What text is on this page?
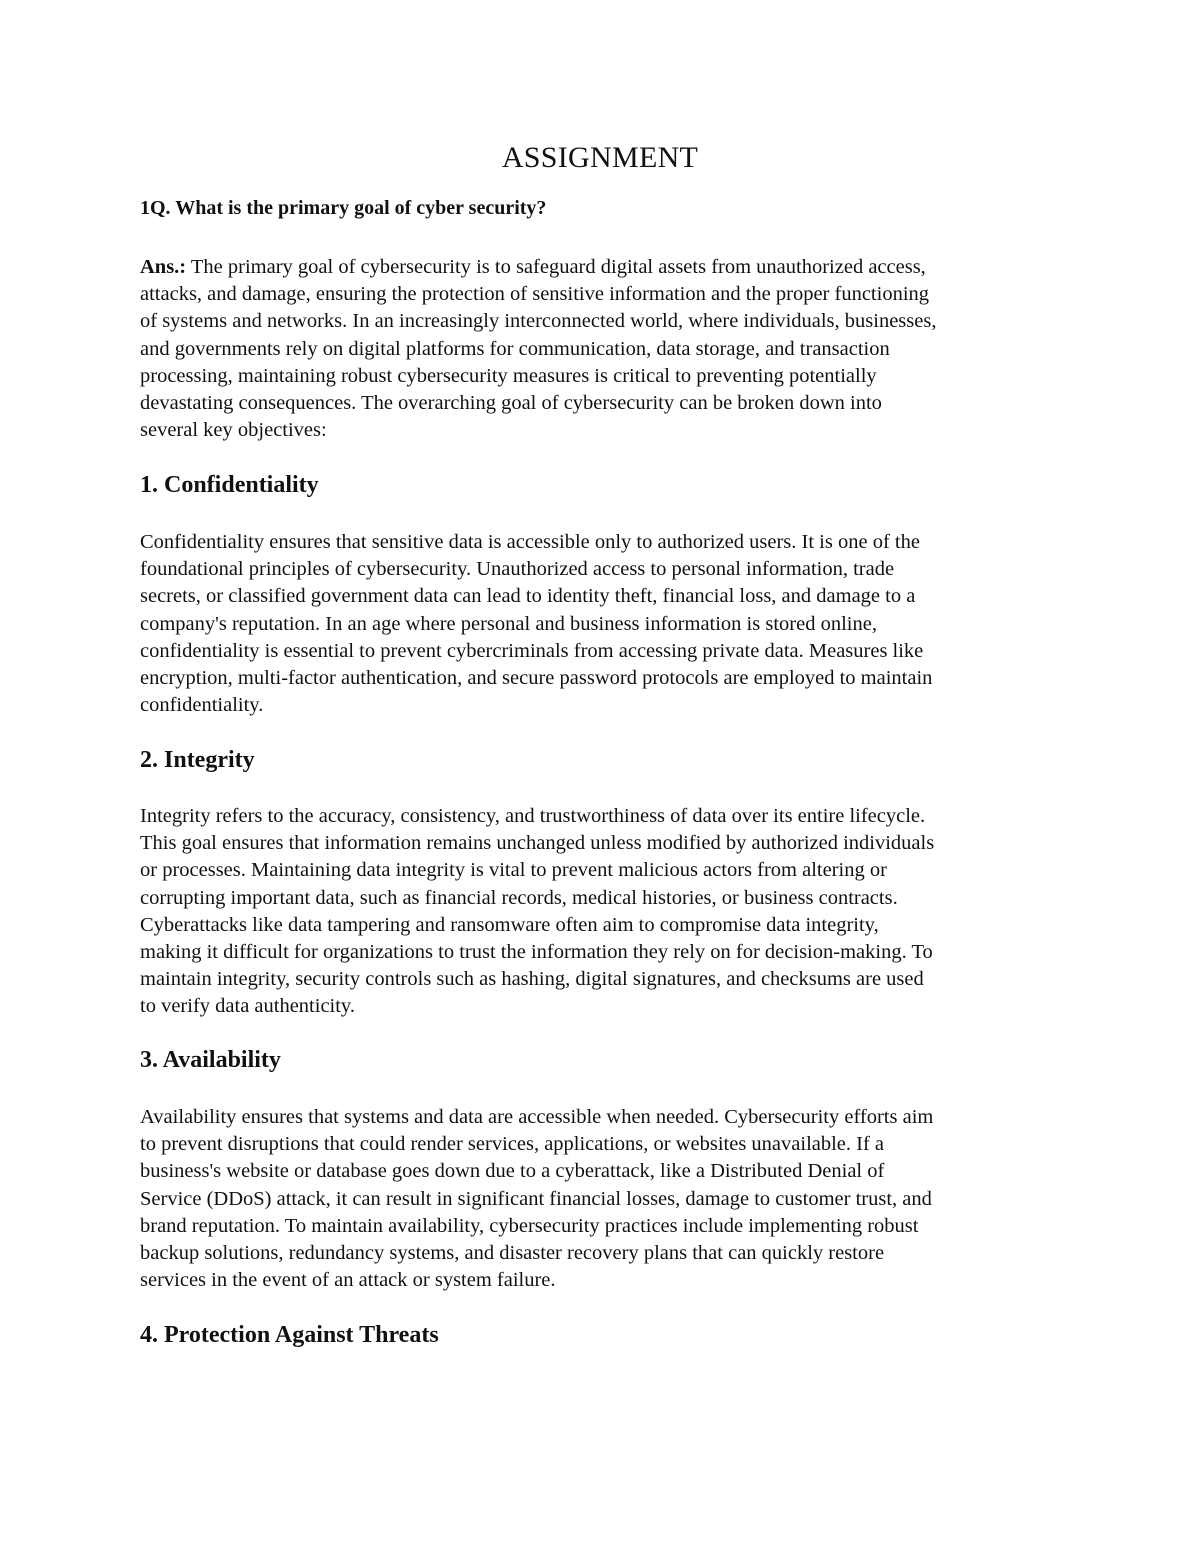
ASSIGNMENT

1Q. What is the primary goal of cyber security?

Ans.: The primary goal of cybersecurity is to safeguard digital assets from unauthorized access,
attacks, and damage, ensuring the protection of sensitive information and the proper functioning
of systems and networks. In an increasingly interconnected world, where individuals, businesses,
and governments rely on digital platforms for communication, data storage, and transaction
processing, maintaining robust cybersecurity measures is critical to preventing potentially
devastating consequences. The overarching goal of cybersecurity can be broken down into
several key objectives:
1. Confidentiality
Confidentiality ensures that sensitive data is accessible only to authorized users. It is one of the
foundational principles of cybersecurity. Unauthorized access to personal information, trade
secrets, or classified government data can lead to identity theft, financial loss, and damage to a
company's reputation. In an age where personal and business information is stored online,
confidentiality is essential to prevent cybercriminals from accessing private data. Measures like
encryption, multi-factor authentication, and secure password protocols are employed to maintain
confidentiality.
2. Integrity
Integrity refers to the accuracy, consistency, and trustworthiness of data over its entire lifecycle.
This goal ensures that information remains unchanged unless modified by authorized individuals
or processes. Maintaining data integrity is vital to prevent malicious actors from altering or
corrupting important data, such as financial records, medical histories, or business contracts.
Cyberattacks like data tampering and ransomware often aim to compromise data integrity,
making it difficult for organizations to trust the information they rely on for decision-making. To
maintain integrity, security controls such as hashing, digital signatures, and checksums are used
to verify data authenticity.
3. Availability
Availability ensures that systems and data are accessible when needed. Cybersecurity efforts aim
to prevent disruptions that could render services, applications, or websites unavailable. If a
business's website or database goes down due to a cyberattack, like a Distributed Denial of
Service (DDoS) attack, it can result in significant financial losses, damage to customer trust, and
brand reputation. To maintain availability, cybersecurity practices include implementing robust
backup solutions, redundancy systems, and disaster recovery plans that can quickly restore
services in the event of an attack or system failure.
4. Protection Against Threats
